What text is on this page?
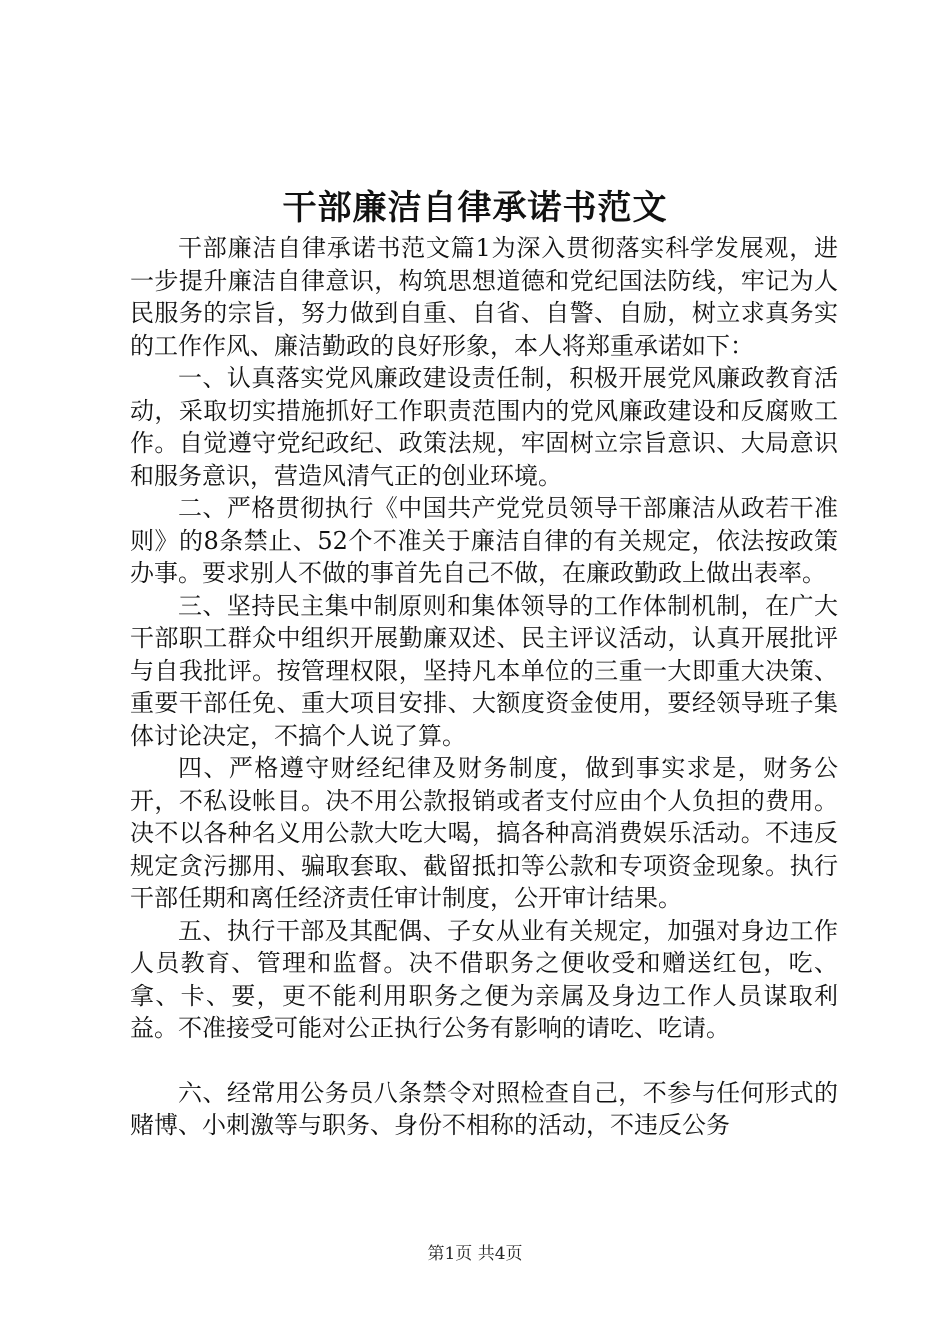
干部廉洁自律承诺书范文

干部廉洁自律承诺书范文篇1为深入贯彻落实科学发展观，进一步提升廉洁自律意识，构筑思想道德和党纪国法防线，牢记为人民服务的宗旨，努力做到自重、自省、自警、自励，树立求真务实的工作作风、廉洁勤政的良好形象，本人将郑重承诺如下：

一、认真落实党风廉政建设责任制，积极开展党风廉政教育活动，采取切实措施抓好工作职责范围内的党风廉政建设和反腐败工作。自觉遵守党纪政纪、政策法规，牢固树立宗旨意识、大局意识和服务意识，营造风清气正的创业环境。

二、严格贯彻执行《中国共产党党员领导干部廉洁从政若干准则》的8条禁止、52个不准关于廉洁自律的有关规定，依法按政策办事。要求别人不做的事首先自己不做，在廉政勤政上做出表率。

三、坚持民主集中制原则和集体领导的工作体制机制，在广大干部职工群众中组织开展勤廉双述、民主评议活动，认真开展批评与自我批评。按管理权限，坚持凡本单位的三重一大即重大决策、重要干部任免、重大项目安排、大额度资金使用，要经领导班子集体讨论决定，不搞个人说了算。

四、严格遵守财经纪律及财务制度，做到事实求是，财务公开，不私设帐目。决不用公款报销或者支付应由个人负担的费用。决不以各种名义用公款大吃大喝，搞各种高消费娱乐活动。不违反规定贪污挪用、骗取套取、截留抵扣等公款和专项资金现象。执行干部任期和离任经济责任审计制度，公开审计结果。

五、执行干部及其配偶、子女从业有关规定，加强对身边工作人员教育、管理和监督。决不借职务之便收受和赠送红包，吃、拿、卡、要，更不能利用职务之便为亲属及身边工作人员谋取利益。不准接受可能对公正执行公务有影响的请吃、吃请。

六、经常用公务员八条禁令对照检查自己，不参与任何形式的赌博、小刺激等与职务、身份不相称的活动，不违反公务

第1页 共4页
